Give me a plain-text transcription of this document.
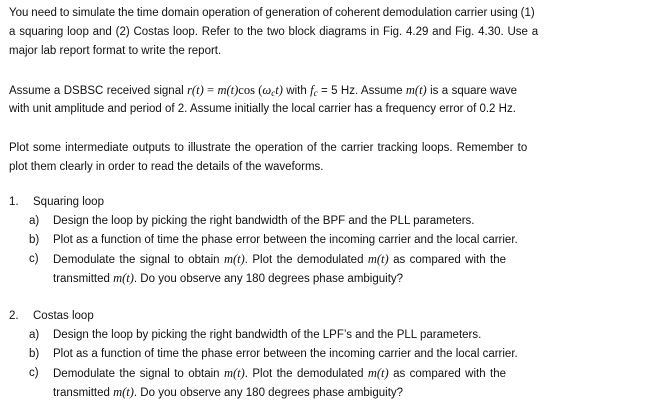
You need to simulate the time domain operation of generation of coherent demodulation carrier using (1)
a squaring loop and (2) Costas loop. Refer to the two block diagrams in Fig. 4.29 and Fig. 4.30. Use a
major lab report format to write the report.
Assume a DSBSC received signal r(t) = m(t)cos $(\omega_ct)$ with $f_c = 5$ Hz. Assume m(t) is a square wave
with unit amplitude and period of 2. Assume initially the local carrier has a frequency error of 0.2 Hz.
Plot some intermediate outputs to illustrate the operation of the carrier tracking loops. Remember to
plot them clearly in order to read the details of the waveforms.
1.	Squaring loop
a)	Design the loop by picking the right bandwidth of the BPF and the PLL parameters.
b)	Plot as a function of time the phase error between the incoming carrier and the local carrier.
c)	Demodulate the signal to obtain m(t). Plot the demodulated m(t) as compared with the
transmitted m(t). Do you observe any 180 degrees phase ambiguity?
2.	Costas loop
a)	Design the loop by picking the right bandwidth of the LPF’s and the PLL parameters.
b)	Plot as a function of time the phase error between the incoming carrier and the local carrier.
c)	Demodulate the signal to obtain m(t). Plot the demodulated m(t) as compared with the
transmitted m(t). Do you observe any 180 degrees phase ambiguity?
